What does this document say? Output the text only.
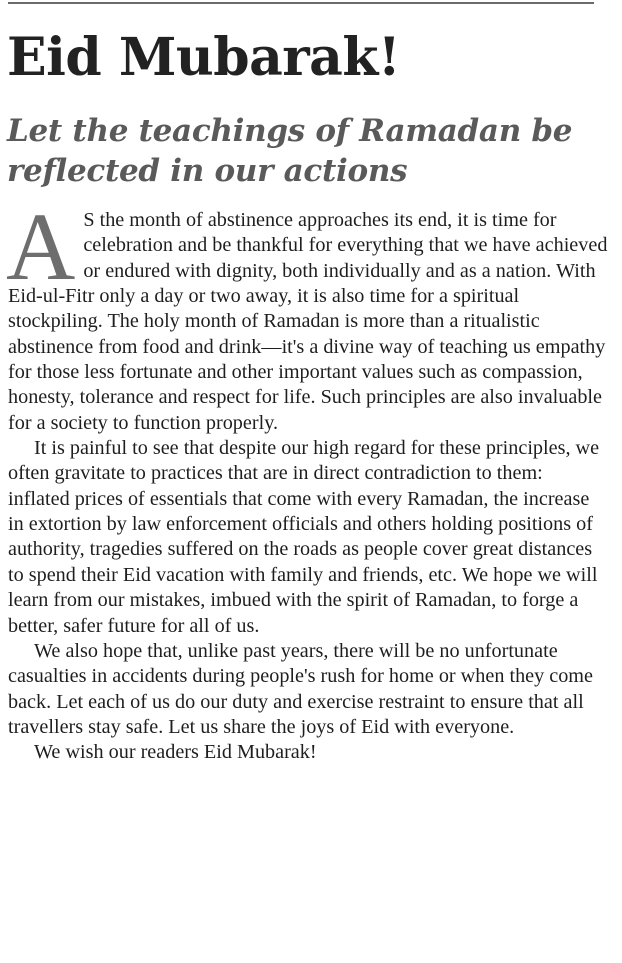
Eid Mubarak!
Let the teachings of Ramadan be
reflected in our actions

A S the month of abstinence approaches its end, it is time for celebration and be thankful for everything that we have achieved or endured with dignity, both individually and as a nation. With Eid-ul-Fitr only a day or two away, it is also time for a spiritual stockpiling. The holy month of Ramadan is more than a ritualistic abstinence from food and drink—it's a divine way of teaching us empathy for those less fortunate and other important values such as compassion, honesty, tolerance and respect for life. Such principles are also invaluable for a society to function properly.

It is painful to see that despite our high regard for these principles, we often gravitate to practices that are in direct contradiction to them: inflated prices of essentials that come with every Ramadan, the increase in extortion by law enforcement officials and others holding positions of authority, tragedies suffered on the roads as people cover great distances to spend their Eid vacation with family and friends, etc. We hope we will learn from our mistakes, imbued with the spirit of Ramadan, to forge a better, safer future for all of us.

We also hope that, unlike past years, there will be no unfortunate casualties in accidents during people's rush for home or when they come back. Let each of us do our duty and exercise restraint to ensure that all travellers stay safe. Let us share the joys of Eid with everyone.

We wish our readers Eid Mubarak!
